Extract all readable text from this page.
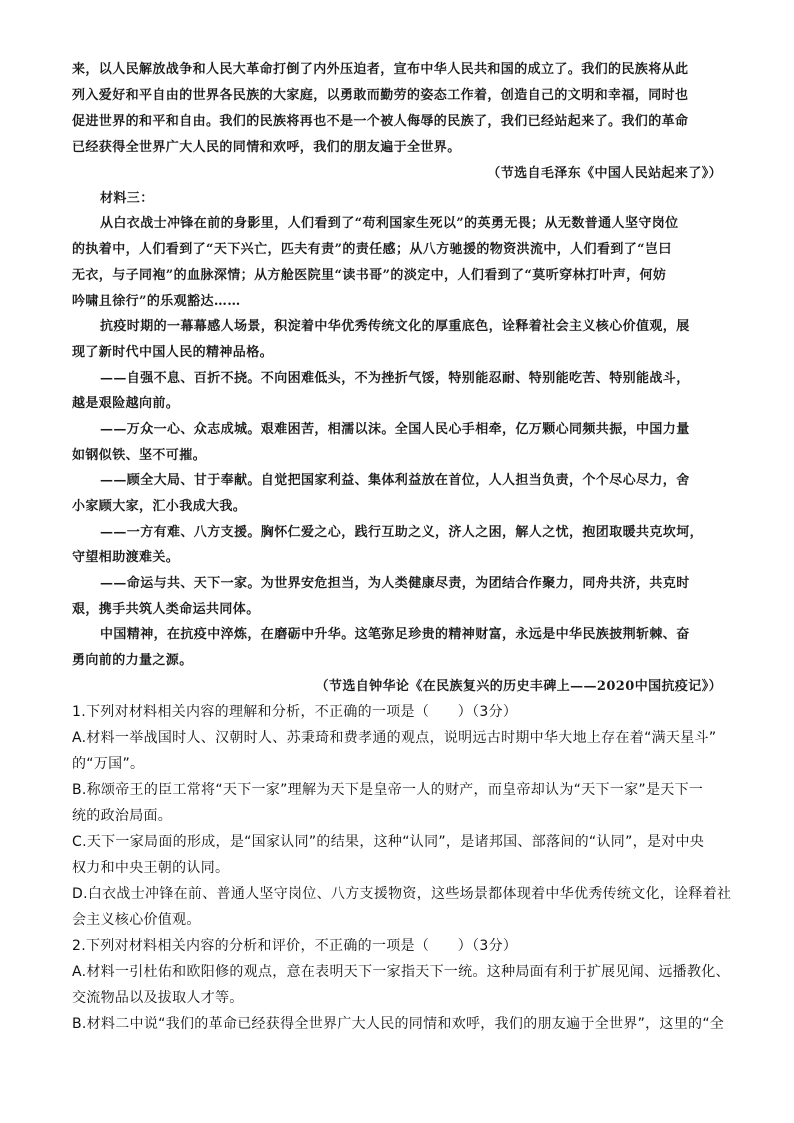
来，以人民解放战争和人民大革命打倒了内外压迫者，宣布中华人民共和国的成立了。我们的民族将从此
列入爱好和平自由的世界各民族的大家庭，以勇敢而勤劳的姿态工作着，创造自己的文明和幸福，同时也
促进世界的和平和自由。我们的民族将再也不是一个被人侮辱的民族了，我们已经站起来了。我们的革命
已经获得全世界广大人民的同情和欢呼，我们的朋友遍于全世界。
（节选自毛泽东《中国人民站起来了》）
材料三：
从白衣战士冲锋在前的身影里，人们看到了“苟利国家生死以”的英勇无畏；从无数普通人坚守岗位
的执着中，人们看到了“天下兴亡，匹夫有责”的责任感；从八方驰援的物资洪流中，人们看到了“岂曰
无衣，与子同袍”的血脉深情；从方舱医院里“读书哥”的淡定中，人们看到了“莫听穿林打叶声，何妨
吟啸且徐行”的乐观豁达……
抗疫时期的一幕幕感人场景，积淀着中华优秀传统文化的厚重底色，诠释着社会主义核心价值观，展
现了新时代中国人民的精神品格。
——自强不息、百折不挠。不向困难低头，不为挫折气馁，特别能忍耐、特别能吃苦、特别能战斗，
越是艰险越向前。
——万众一心、众志成城。艰难困苦，相濡以沫。全国人民心手相牵，亿万颗心同频共振，中国力量
如钢似铁、坚不可摧。
——顾全大局、甘于奉献。自觉把国家利益、集体利益放在首位，人人担当负责，个个尽心尽力，舍
小家顾大家，汇小我成大我。
——一方有难、八方支援。胸怀仁爱之心，践行互助之义，济人之困，解人之忧，抱团取暖共克坎坷，
守望相助渡难关。
——命运与共、天下一家。为世界安危担当，为人类健康尽责，为团结合作聚力，同舟共济，共克时
艰，携手共筑人类命运共同体。
中国精神，在抗疫中淬炼，在磨砺中升华。这笔弥足珍贵的精神财富，永远是中华民族披荆斩棘、奋
勇向前的力量之源。
（节选自钟华论《在民族复兴的历史丰碑上——2020中国抗疫记》）
1.下列对材料相关内容的理解和分析，不正确的一项是（　　）（3分）
A.材料一举战国时人、汉朝时人、苏秉琦和费孝通的观点，说明远古时期中华大地上存在着“满天星斗”
的“万国”。
B.称颂帝王的臣工常将“天下一家”理解为天下是皇帝一人的财产，而皇帝却认为“天下一家”是天下一
统的政治局面。
C.天下一家局面的形成，是“国家认同”的结果，这种“认同”，是诸邦国、部落间的“认同”，是对中央
权力和中央王朝的认同。
D.白衣战士冲锋在前、普通人坚守岗位、八方支援物资，这些场景都体现着中华优秀传统文化，诠释着社
会主义核心价值观。
2.下列对材料相关内容的分析和评价，不正确的一项是（　　）（3分）
A.材料一引杜佑和欧阳修的观点，意在表明天下一家指天下一统。这种局面有利于扩展见闻、远播教化、
交流物品以及拔取人才等。
B.材料二中说“我们的革命已经获得全世界广大人民的同情和欢呼，我们的朋友遍于全世界”，这里的“全
